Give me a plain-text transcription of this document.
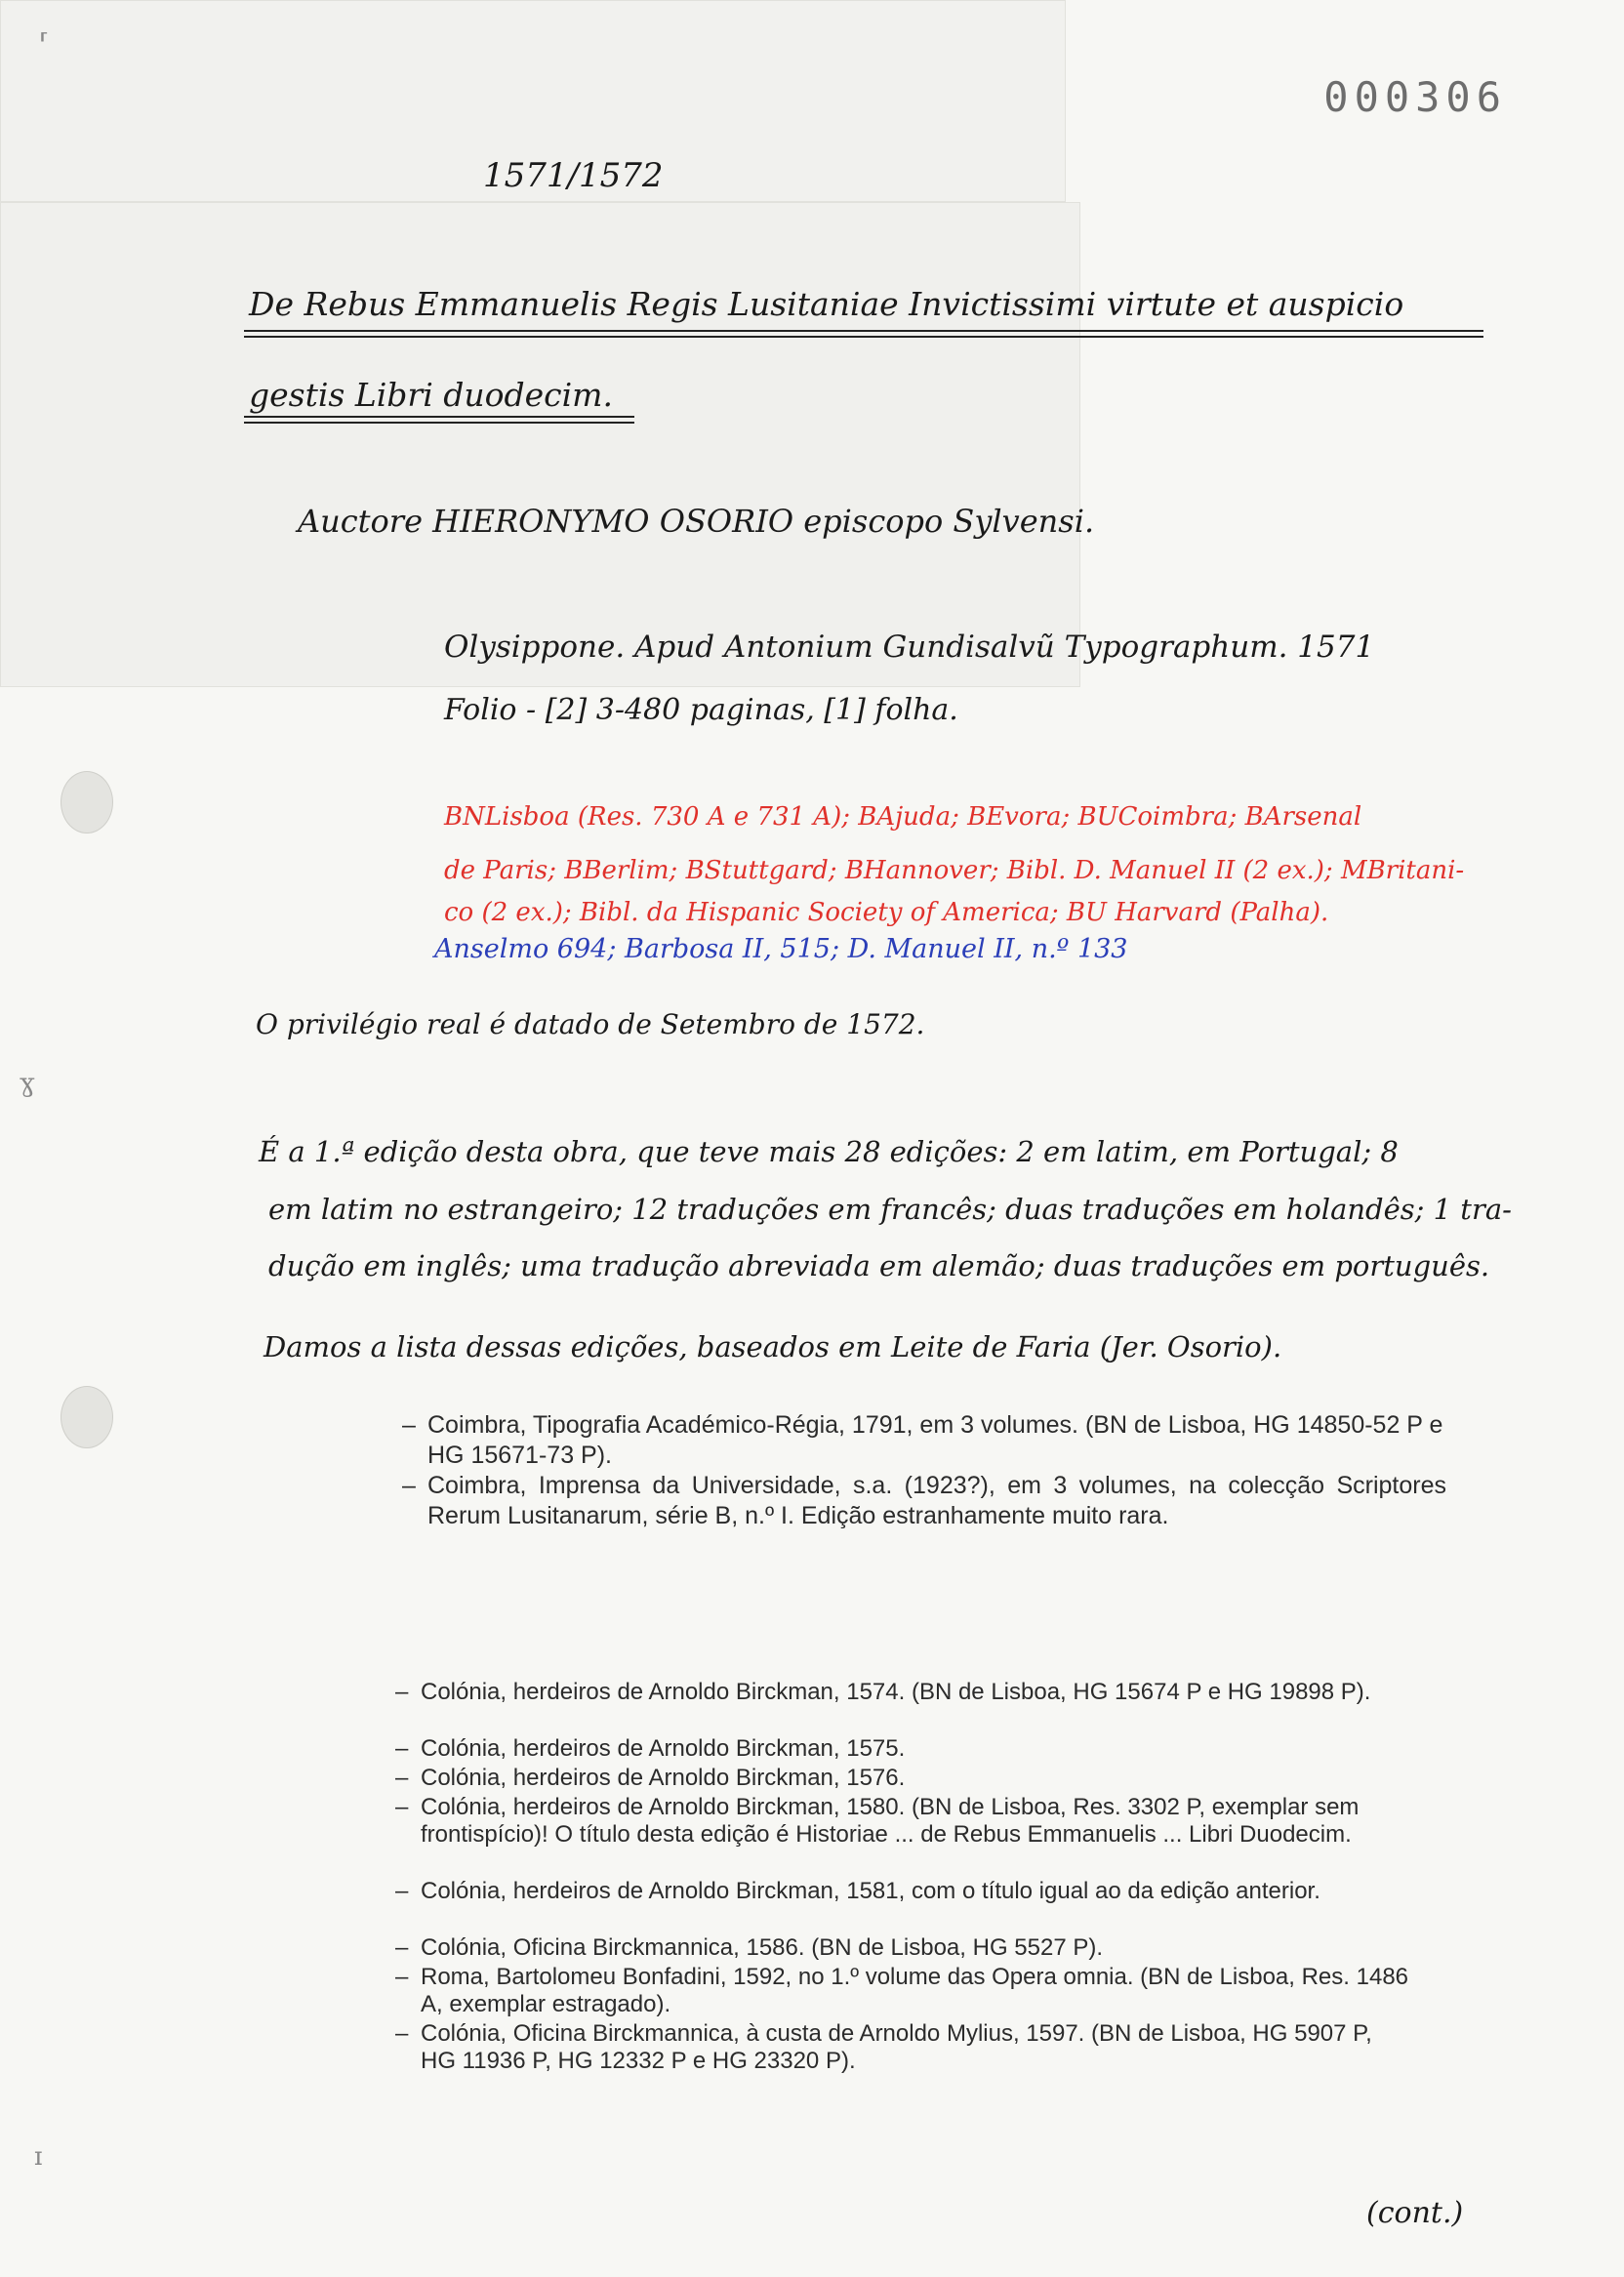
000306
1571/1572
De Rebus Emmanuelis Regis Lusitaniae Invictissimi virtute et auspicio
gestis Libri duodecim.
Auctore HIERONYMO OSORIO episcopo Sylvensi.
Olysippone. Apud Antonium Gundisalvũ Typographum. 1571
Folio - [2] 3-480 paginas, [1] folha.
BNLisboa (Res. 730 A e 731 A); BAjuda; BEvora; BUCoimbra; BArsenal
de Paris; BBerlim; BStuttgard; BHannover; Bibl. D. Manuel II (2 ex.); MBritani-
co (2 ex.); Bibl. da Hispanic Society of America; BU Harvard (Palha).
Anselmo 694; Barbosa II, 515; D. Manuel II, n.º 133
O privilégio real é datado de Setembro de 1572.
É a 1.ª edição desta obra, que teve mais 28 edições: 2 em latim, em Portugal; 8
em latim no estrangeiro; 12 traduções em francês; duas traduções em holandês; 1 tra-
dução em inglês; uma tradução abreviada em alemão; duas traduções em português.
Damos a lista dessas edições, baseados em Leite de Faria (Jer. Osorio).
– Coimbra, Tipografia Académico-Régia, 1791, em 3 volumes. (BN de Lisboa, HG 14850-52 P e HG 15671-73 P).
– Coimbra, Imprensa da Universidade, s.a. (1923?), em 3 volumes, na colecção Scriptores Rerum Lusitanarum, série B, n.º I. Edição estranhamente muito rara.
– Colónia, herdeiros de Arnoldo Birckman, 1574. (BN de Lisboa, HG 15674 P e HG 19898 P).
– Colónia, herdeiros de Arnoldo Birckman, 1575.
– Colónia, herdeiros de Arnoldo Birckman, 1576.
– Colónia, herdeiros de Arnoldo Birckman, 1580. (BN de Lisboa, Res. 3302 P, exemplar sem frontispício)! O título desta edição é Historiae ... de Rebus Emmanuelis ... Libri Duodecim.
– Colónia, herdeiros de Arnoldo Birckman, 1581, com o título igual ao da edição anterior.
– Colónia, Oficina Birckmannica, 1586. (BN de Lisboa, HG 5527 P).
– Roma, Bartolomeu Bonfadini, 1592, no 1.º volume das Opera omnia. (BN de Lisboa, Res. 1486 A, exemplar estragado).
– Colónia, Oficina Birckmannica, à custa de Arnoldo Mylius, 1597. (BN de Lisboa, HG 5907 P, HG 11936 P, HG 12332 P e HG 23320 P).
(cont.)
⸢
ɣ
ɪ
